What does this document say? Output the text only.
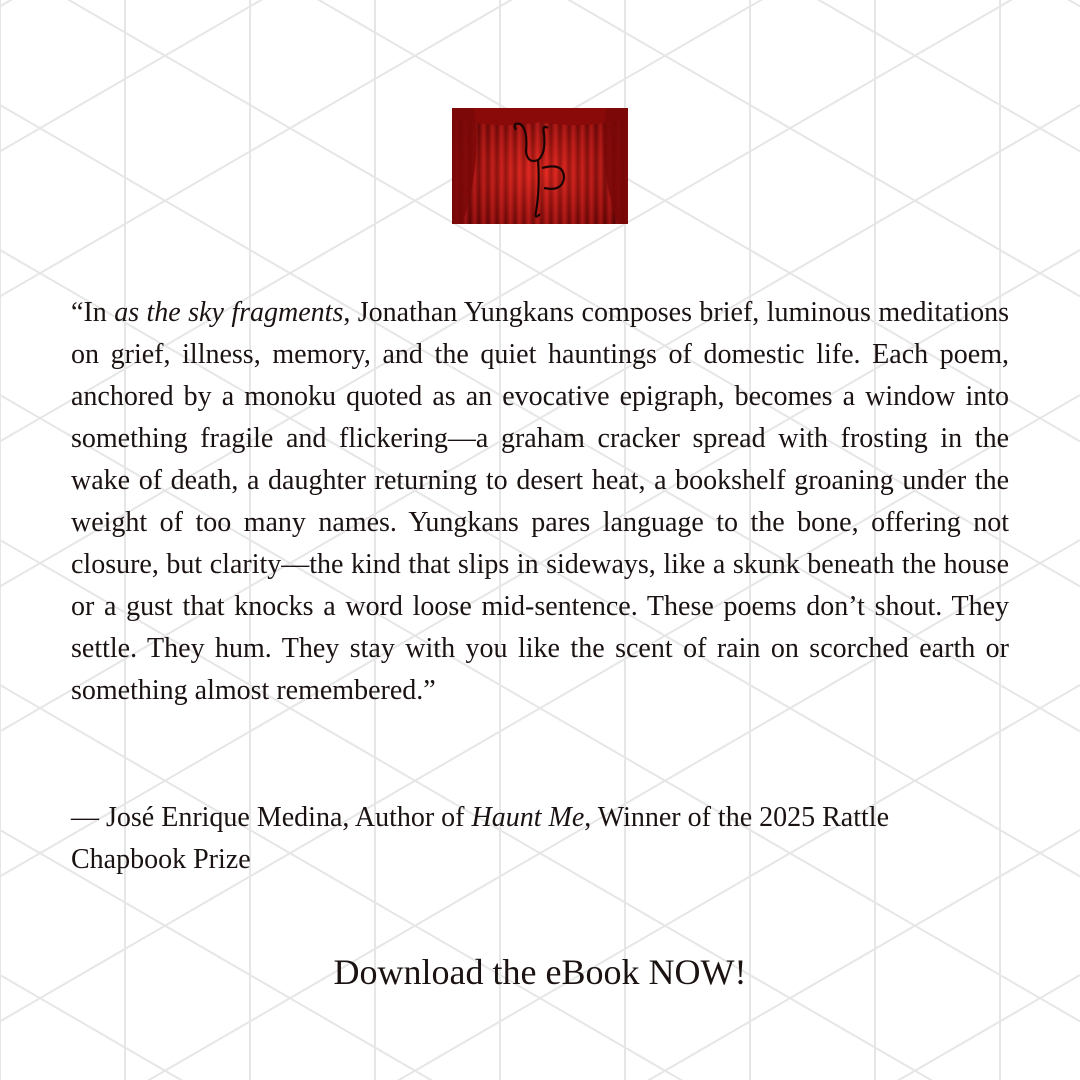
“In as the sky fragments, Jonathan Yungkans composes brief, luminous meditations on grief, illness, memory, and the quiet hauntings of domestic life. Each poem, anchored by a monoku quoted as an evocative epigraph, becomes a window into something fragile and flickering—a graham cracker spread with frosting in the wake of death, a daughter returning to desert heat, a bookshelf groaning under the weight of too many names. Yungkans pares language to the bone, offering not closure, but clarity—the kind that slips in sideways, like a skunk beneath the house or a gust that knocks a word loose mid-sentence. These poems don’t shout. They settle. They hum. They stay with you like the scent of rain on scorched earth or something almost remembered.”

— José Enrique Medina, Author of Haunt Me, Winner of the 2025 Rattle Chapbook Prize

Download the eBook NOW!
